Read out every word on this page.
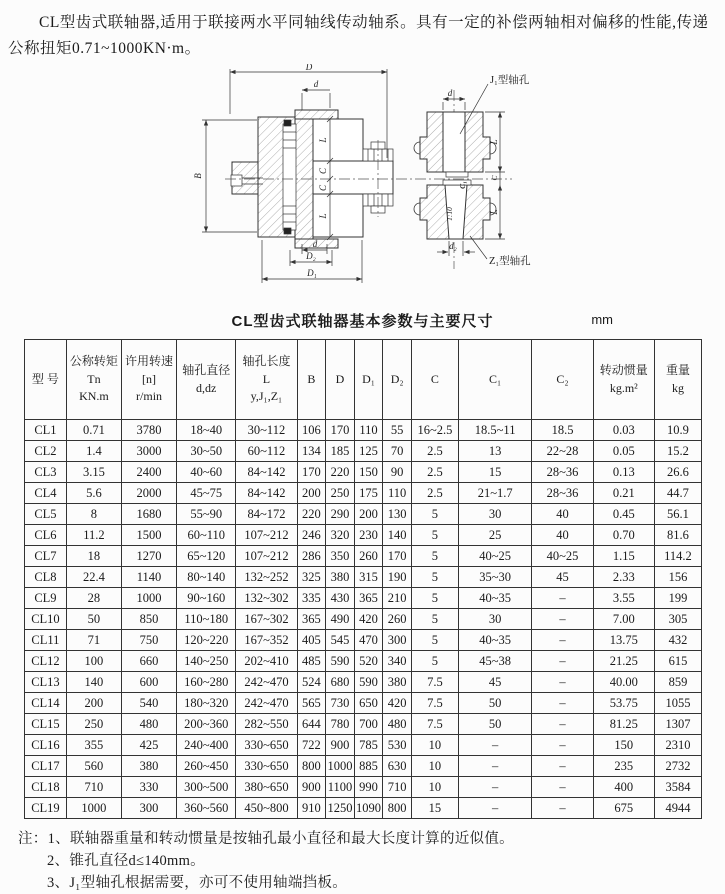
CL型齿式联轴器,适用于联接两水平同轴线传动轴系。具有一定的补偿两轴相对偏移的性能,传递公称扭矩0.71~1000KN·m。

D
d
B
L
C
C
L
d
D₂
D₁
d
J₁型轴孔
L
C
C₁
L
1:10
d₂
Z₁型轴孔
CL型齿式联轴器基本参数与主要尺寸	mm
型 号

公称转矩
Tn
KN.m

许用转速
[n]
r/min

轴孔直径
d,dz

轴孔长度
L
y,J₁,Z₁

B	D	D₁	D₂	C	C₁	C₂

转动惯量
kg.m²

重量
kg

CL1	0.71	3780	18~40	30~112	106	170	110	55	16~2.5	18.5~11	18.5	0.03	10.9
CL2	1.4	3000	30~50	60~112	134	185	125	70	2.5	13	22~28	0.05	15.2
CL3	3.15	2400	40~60	84~142	170	220	150	90	2.5	15	28~36	0.13	26.6
CL4	5.6	2000	45~75	84~142	200	250	175	110	2.5	21~1.7	28~36	0.21	44.7
CL5	8	1680	55~90	84~172	220	290	200	130	5	30	40	0.45	56.1
CL6	11.2	1500	60~110	107~212	246	320	230	140	5	25	40	0.70	81.6
CL7	18	1270	65~120	107~212	286	350	260	170	5	40~25	40~25	1.15	114.2
CL8	22.4	1140	80~140	132~252	325	380	315	190	5	35~30	45	2.33	156
CL9	28	1000	90~160	132~302	335	430	365	210	5	40~35	–	3.55	199
CL10	50	850	110~180	167~302	365	490	420	260	5	30	–	7.00	305
CL11	71	750	120~220	167~352	405	545	470	300	5	40~35	–	13.75	432
CL12	100	660	140~250	202~410	485	590	520	340	5	45~38	–	21.25	615
CL13	140	600	160~280	242~470	524	680	590	380	7.5	45	–	40.00	859
CL14	200	540	180~320	242~470	565	730	650	420	7.5	50	–	53.75	1055
CL15	250	480	200~360	282~550	644	780	700	480	7.5	50	–	81.25	1307
CL16	355	425	240~400	330~650	722	900	785	530	10	–	–	150	2310
CL17	560	380	260~450	330~650	800	1000	885	630	10	–	–	235	2732
CL18	710	330	300~500	380~650	900	1100	990	710	10	–	–	400	3584
CL19	1000	300	360~560	450~800	910	1250	1090	800	15	–	–	675	4944
注：1、联轴器重量和转动惯量是按轴孔最小直径和最大长度计算的近似值。
2、锥孔直径d≤140mm。
3、J₁型轴孔根据需要，亦可不使用轴端挡板。
